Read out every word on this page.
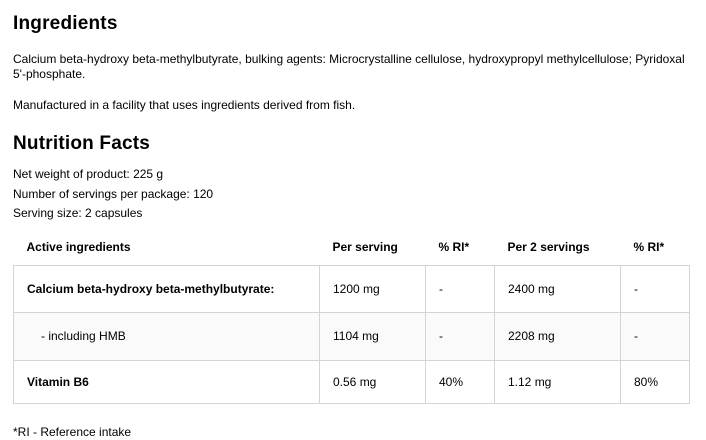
Ingredients

Calcium beta-hydroxy beta-methylbutyrate, bulking agents: Microcrystalline cellulose, hydroxypropyl methylcellulose; Pyridoxal 5'-phosphate.

Manufactured in a facility that uses ingredients derived from fish.

Nutrition Facts

Net weight of product: 225 g

Number of servings per package: 120

Serving size: 2 capsules

Active ingredients	Per serving	% RI*	Per 2 servings	% RI*
Calcium beta-hydroxy beta-methylbutyrate:	1200 mg	-	2400 mg	-
- including HMB	1104 mg	-	2208 mg	-
Vitamin B6	0.56 mg	40%	1.12 mg	80%

*RI - Reference intake
